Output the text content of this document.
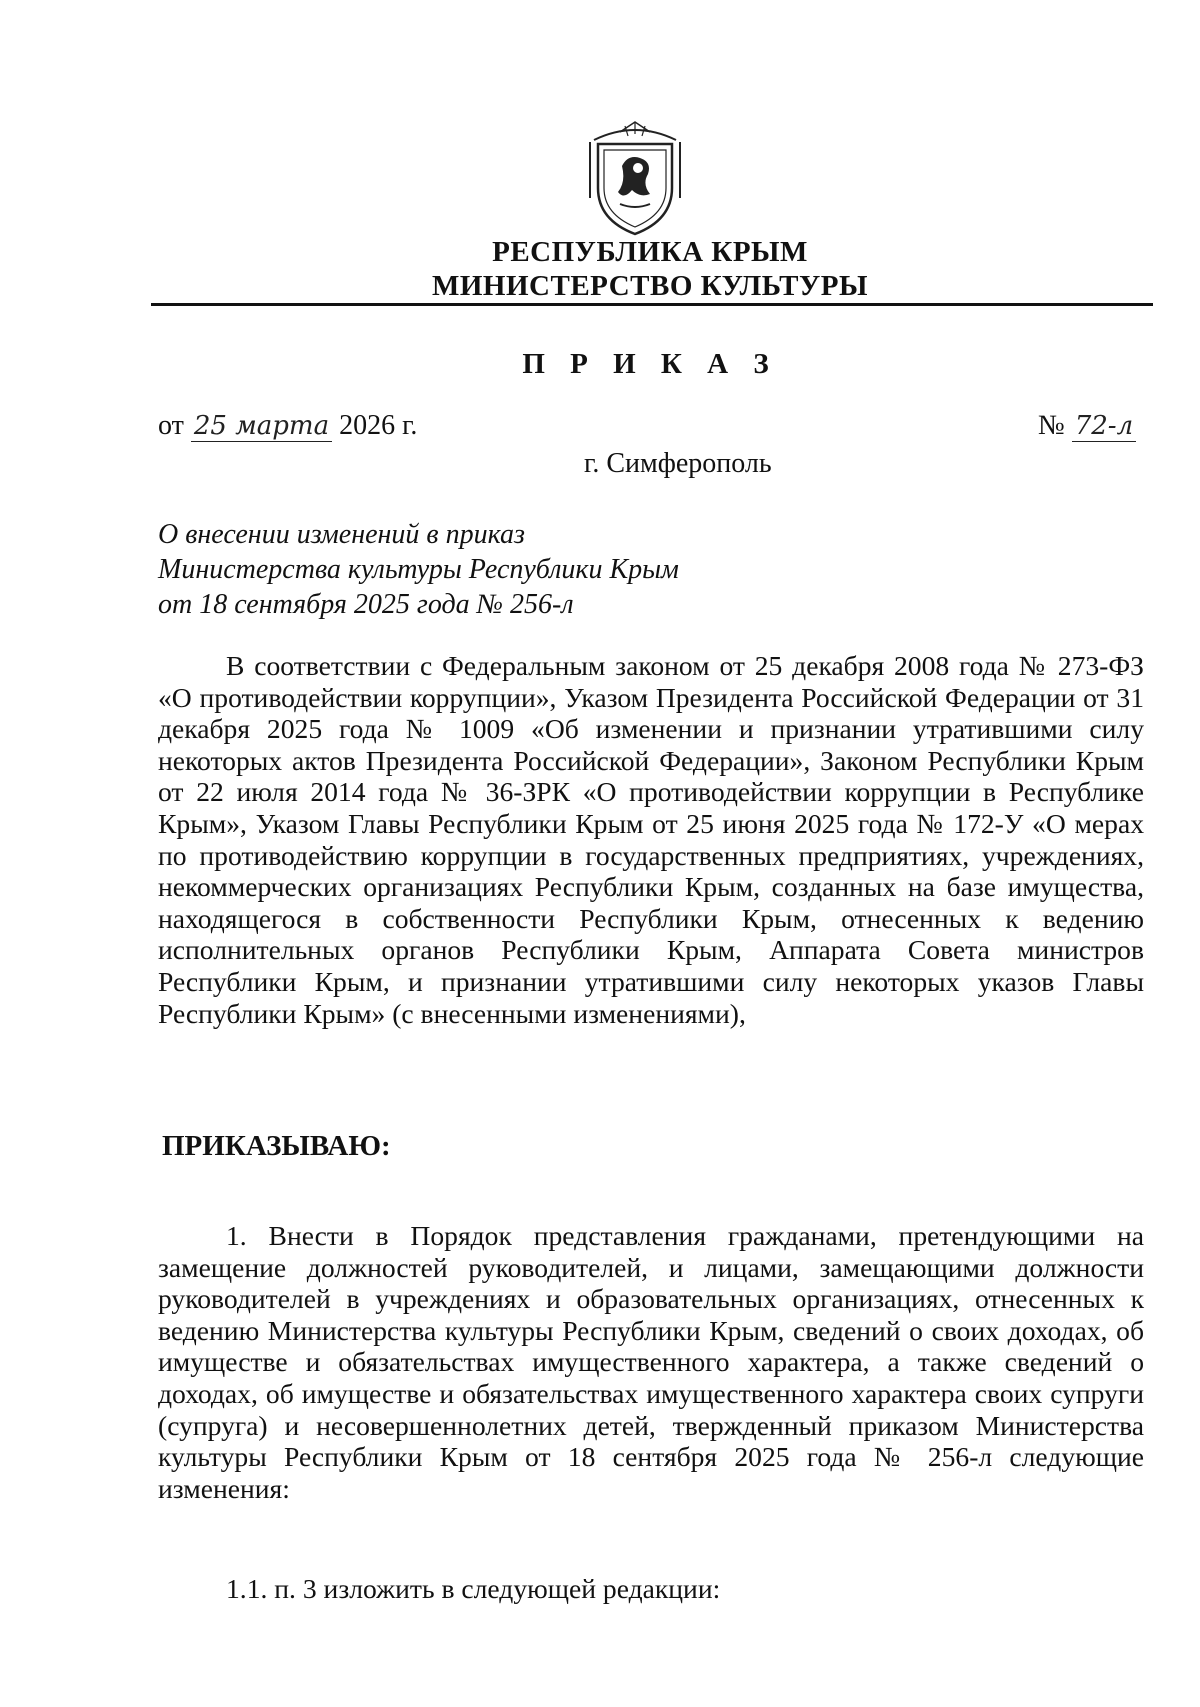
РЕСПУБЛИКА КРЫМ
МИНИСТЕРСТВО КУЛЬТУРЫ
П Р И К А З
от 25 марта 2026 г.	№ 72-л
г. Симферополь
О внесении изменений в приказ
Министерства культуры Республики Крым
от 18 сентября 2025 года № 256-л
В соответствии с Федеральным законом от 25 декабря 2008 года № 273-ФЗ «О противодействии коррупции», Указом Президента Российской Федерации от 31 декабря 2025 года № 1009 «Об изменении и признании утратившими силу некоторых актов Президента Российской Федерации», Законом Республики Крым от 22 июля 2014 года № 36-ЗРК «О противодействии коррупции в Республике Крым», Указом Главы Республики Крым от 25 июня 2025 года № 172-У «О мерах по противодействию коррупции в государственных предприятиях, учреждениях, некоммерческих организациях Республики Крым, созданных на базе имущества, находящегося в собственности Республики Крым, отнесенных к ведению исполнительных органов Республики Крым, Аппарата Совета министров Республики Крым, и признании утратившими силу некоторых указов Главы Республики Крым» (с внесенными изменениями),
ПРИКАЗЫВАЮ:
1. Внести в Порядок представления гражданами, претендующими на замещение должностей руководителей, и лицами, замещающими должности руководителей в учреждениях и образовательных организациях, отнесенных к ведению Министерства культуры Республики Крым, сведений о своих доходах, об имуществе и обязательствах имущественного характера, а также сведений о доходах, об имуществе и обязательствах имущественного характера своих супруги (супруга) и несовершеннолетних детей, твержденный приказом Министерства культуры Республики Крым от 18 сентября 2025 года № 256-л следующие изменения:
1.1. п. 3 изложить в следующей редакции:
